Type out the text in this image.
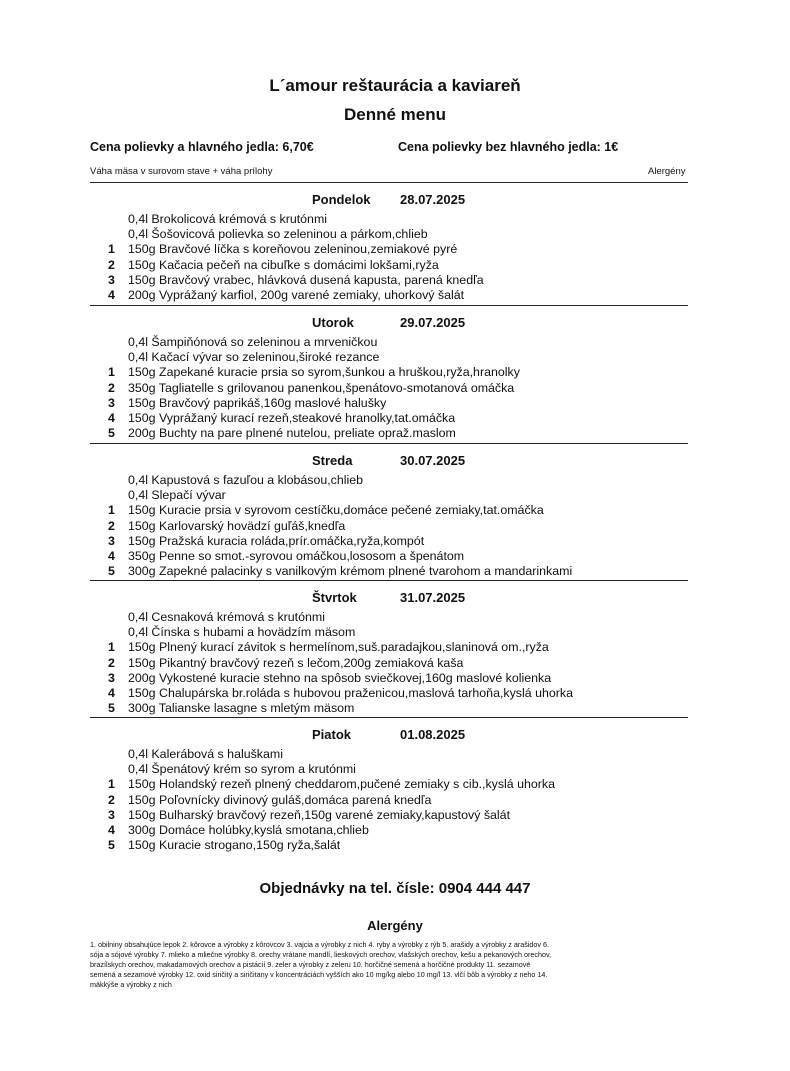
L´amour reštaurácia a kaviareň
Denné menu
Cena polievky a hlavného jedla: 6,70€	Cena polievky bez hlavného jedla: 1€
Váha mäsa v surovom stave + váha prílohy	Alergény
Pondelok 28.07.2025
0,4l Brokolicová krémová s krutónmi
0,4l Šošovicová polievka so zeleninou a párkom,chlieb
1	150g Bravčové líčka s koreňovou zeleninou,zemiakové pyré
2	150g Kačacia pečeň na cibuľke s domácimi lokšami,ryža
3	150g Bravčový vrabec, hlávková dusená kapusta, parená knedľa
4	200g Vyprážaný karfiol, 200g varené zemiaky, uhorkový šalát
Utorok	29.07.2025
0,4l Šampiňónová so zeleninou a mrveničkou
0,4l Kačací vývar so zeleninou,široké rezance
1	150g Zapekané kuracie prsia so syrom,šunkou a hruškou,ryža,hranolky
2	350g Tagliatelle s grilovanou panenkou,špenátovo-smotanová omáčka
3	150g Bravčový paprikáš,160g maslové halušky
4	150g Vyprážaný kurací rezeň,steakové hranolky,tat.omáčka
5	200g Buchty na pare plnené nutelou, preliate opraž.maslom
Streda	30.07.2025
0,4l Kapustová s fazuľou a klobásou,chlieb
0,4l Slepačí vývar
1	150g Kuracie prsia v syrovom cestíčku,domáce pečené zemiaky,tat.omáčka
2	150g Karlovarský hovädzí guľáš,knedľa
3	150g Pražská kuracia roláda,prír.omáčka,ryža,kompót
4	350g Penne so smot.-syrovou omáčkou,lososom a špenátom
5	300g Zapekné palacinky s vanilkovým krémom plnené tvarohom a mandarinkami
Štvrtok	31.07.2025
0,4l Cesnaková krémová s krutónmi
0,4l Čínska s hubami a hovädzím mäsom
1	150g Plnený kurací závitok s hermelínom,suš.paradajkou,slaninová om.,ryža
2	150g Pikantný bravčový rezeň s lečom,200g zemiaková kaša
3	200g Vykostené kuracie stehno na spôsob sviečkovej,160g maslové kolienka
4	150g Chalupárska br.roláda s hubovou praženicou,maslová tarhoňa,kyslá uhorka
5	300g Talianske lasagne s mletým mäsom
Piatok	01.08.2025
0,4l Kalerábová s haluškami
0,4l Špenátový krém so syrom a krutónmi
1	150g Holandský rezeň plnený cheddarom,pučené zemiaky s cib.,kyslá uhorka
2	150g Poľovnícky divinový guláš,domáca parená knedľa
3	150g Bulharský bravčový rezeň,150g varené zemiaky,kapustový šalát
4	300g Domáce holúbky,kyslá smotana,chlieb
5	150g Kuracie strogano,150g ryža,šalát
Objednávky na tel. čísle: 0904 444 447
Alergény
1. obilniny obsahujúce lepok 2. kôrovce a výrobky z kôrovcov 3. vajcia a výrobky z nich 4. ryby a výrobky z rýb 5. arašidy a výrobky z arašidov 6.
sója a sójové výrobky 7. mlieko a mliečne výrobky 8. orechy vrátane mandlí, lieskových orechov, vlašských orechov, kešu a pekanových orechov,
brazílskych orechov, makadamových orechov a pistácií 9. zeler a výrobky z zeleru 10. horčičné semená a horčičné produkty 11. sezamové
semená a sezamové výrobky 12. oxid siričitý a siričitany v koncentráciách vyšších ako 10 mg/kg alebo 10 mg/l 13. vlčí bôb a výrobky z neho 14.
mäkkýše a výrobky z nich
